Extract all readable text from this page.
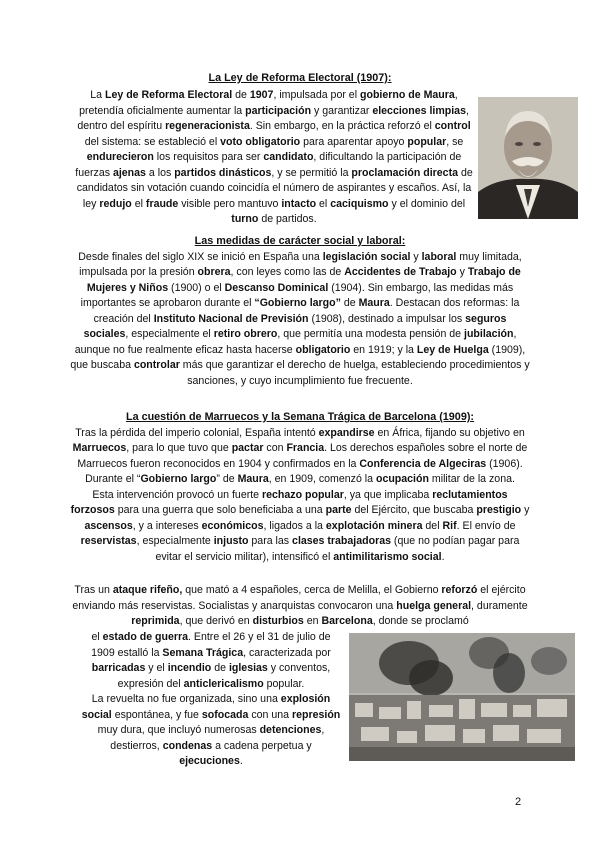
La Ley de Reforma Electoral (1907):

La Ley de Reforma Electoral de 1907, impulsada por el gobierno de Maura, pretendía oficialmente aumentar la participación y garantizar elecciones limpias, dentro del espíritu regeneracionista. Sin embargo, en la práctica reforzó el control del sistema: se estableció el voto obligatorio para aparentar apoyo popular, se endurecieron los requisitos para ser candidato, dificultando la participación de fuerzas ajenas a los partidos dinásticos, y se permitió la proclamación directa de candidatos sin votación cuando coincidía el número de aspirantes y escaños. Así, la ley redujo el fraude visible pero mantuvo intacto el caciquismo y el dominio del turno de partidos.

Las medidas de carácter social y laboral:

Desde finales del siglo XIX se inició en España una legislación social y laboral muy limitada, impulsada por la presión obrera, con leyes como las de Accidentes de Trabajo y Trabajo de Mujeres y Niños (1900) o el Descanso Dominical (1904). Sin embargo, las medidas más importantes se aprobaron durante el “Gobierno largo” de Maura. Destacan dos reformas: la creación del Instituto Nacional de Previsión (1908), destinado a impulsar los seguros sociales, especialmente el retiro obrero, que permitía una modesta pensión de jubilación, aunque no fue realmente eficaz hasta hacerse obligatorio en 1919; y la Ley de Huelga (1909), que buscaba controlar más que garantizar el derecho de huelga, estableciendo procedimientos y sanciones, y cuyo incumplimiento fue frecuente.

La cuestión de Marruecos y la Semana Trágica de Barcelona (1909):

Tras la pérdida del imperio colonial, España intentó expandirse en África, fijando su objetivo en Marruecos, para lo que tuvo que pactar con Francia. Los derechos españoles sobre el norte de Marruecos fueron reconocidos en 1904 y confirmados en la Conferencia de Algeciras (1906). Durante el “Gobierno largo” de Maura, en 1909, comenzó la ocupación militar de la zona.
Esta intervención provocó un fuerte rechazo popular, ya que implicaba reclutamientos forzosos para una guerra que solo beneficiaba a una parte del Ejército, que buscaba prestigio y ascensos, y a intereses económicos, ligados a la explotación minera del Rif. El envío de reservistas, especialmente injusto para las clases trabajadoras (que no podían pagar para evitar el servicio militar), intensificó el antimilitarismo social.

Tras un ataque rifeño, que mató a 4 españoles, cerca de Melilla, el Gobierno reforzó el ejército enviando más reservistas. Socialistas y anarquistas convocaron una huelga general, duramente reprimida, que derivó en disturbios en Barcelona, donde se proclamó

el estado de guerra. Entre el 26 y el 31 de julio de 1909 estalló la Semana Trágica, caracterizada por barricadas y el incendio de iglesias y conventos, expresión del anticlericalismo popular.
La revuelta no fue organizada, sino una explosión social espontánea, y fue sofocada con una represión muy dura, que incluyó numerosas detenciones, destierros, condenas a cadena perpetua y ejecuciones.

2
